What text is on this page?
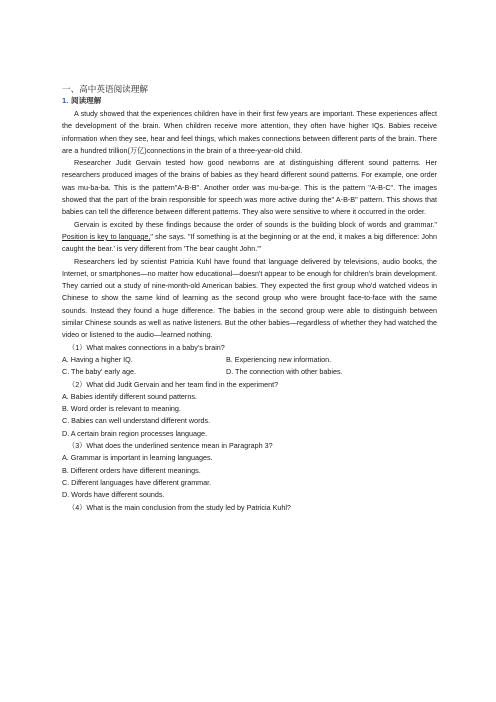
一、高中英语阅读理解
1. 阅读理解

A study showed that the experiences children have in their first few years are important. These experiences affect the development of the brain. When children receive more attention, they often have higher IQs. Babies receive information when they see, hear and feel things, which makes connections between different parts of the brain. There are a hundred trillion(万亿)connections in the brain of a three-year-old child.

Researcher Judit Gervain tested how good newborns are at distinguishing different sound patterns. Her researchers produced images of the brains of babies as they heard different sound patterns. For example, one order was mu-ba-ba. This is the pattern"A-B-B". Another order was mu-ba-ge. This is the pattern "A-B-C". The images showed that the part of the brain responsible for speech was more active during the" A-B-B" pattern. This shows that babies can tell the difference between different patterns. They also were sensitive to where it occurred in the order.

Gervain is excited by these findings because the order of sounds is the building block of words and grammar." Position is key to language," she says. "If something is at the beginning or at the end, it makes a big difference: John caught the bear.' is very different from 'The bear caught John.'"

Researchers led by scientist Patricia Kuhl have found that language delivered by televisions, audio books, the Internet, or smartphones—no matter how educational—doesn't appear to be enough for children's brain development. They carried out a study of nine-month-old American babies. They expected the first group who'd watched videos in Chinese to show the same kind of learning as the second group who were brought face-to-face with the same sounds. Instead they found a huge difference. The babies in the second group were able to distinguish between similar Chinese sounds as well as native listeners. But the other babies—regardless of whether they had watched the video or listened to the audio—learned nothing.

（1）What makes connections in a baby's brain?

A. Having a higher IQ.	B. Experiencing new information.
C. The baby' early age.	D. The connection with other babies.

（2）What did Judit Gervain and her team find in the experiment?

A. Babies identify different sound patterns.

B. Word order is relevant to meaning.

C. Babies can well understand different words.

D. A certain brain region processes language.

（3）What does the underlined sentence mean in Paragraph 3?

A. Grammar is important in learning languages.

B. Different orders have different meanings.

C. Different languages have different grammar.

D. Words have different sounds.

（4）What is the main conclusion from the study led by Patricia Kuhl?
